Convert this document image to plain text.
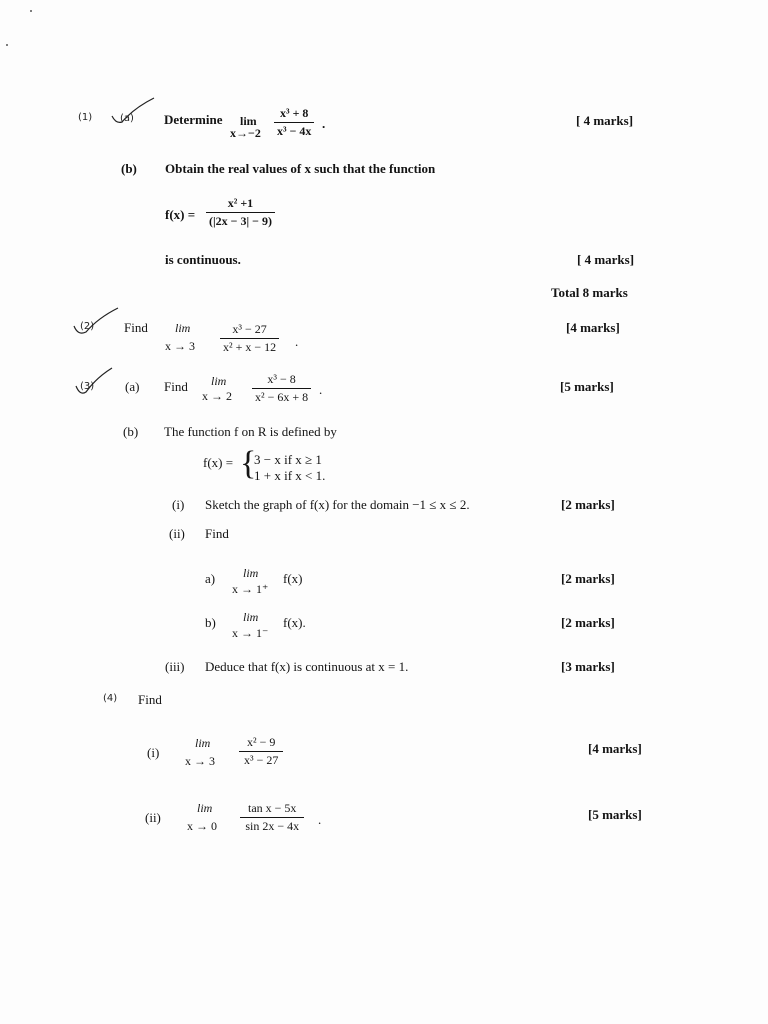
(1)	(a) Determine lim
$x\to-2 \frac{\text{x³ + 8}}{\text{x³ − 4x}}$ .	[ 4 marks]
(b) Obtain the real values of x such that the function
$f(x) = \frac{\text{x² +1}}{(|2x - 3| - 9)}$
is continuous.	[ 4 marks]
Total 8 marks
(2) Find lim
$x \to 3 \frac{\text{x³ − 27}}{\text{x² + x − 12}}$ .
[4 marks]
(3) (a) Find lim
$x \to 2 \frac{\text{x³ − 8}}{\text{x² − 6x + 8}}$ .	[5 marks]
(b) The function f on R is defined by
f(x) = {
3 − x if x ≥ 1
1 + x if x < 1.
(i) Sketch the graph of f(x) for the domain −1 ≤ x ≤ 2.	[2 marks]
(ii) Find
a) lim
x → 1⁺
f(x)	[2 marks]
b) lim
x → 1⁻
f(x).	[2 marks]
(iii) Deduce that f(x) is continuous at x = 1.	[3 marks]
(4) Find
(i)
lim
$x \to 3 \frac{\text{x² − 9}}{\text{x³ − 27}}$	[4 marks]
(ii)
lim
$x \to 0 \frac{\text{tan x − 5x}}{\sin 2x - 4x}$ .	[5 marks]
